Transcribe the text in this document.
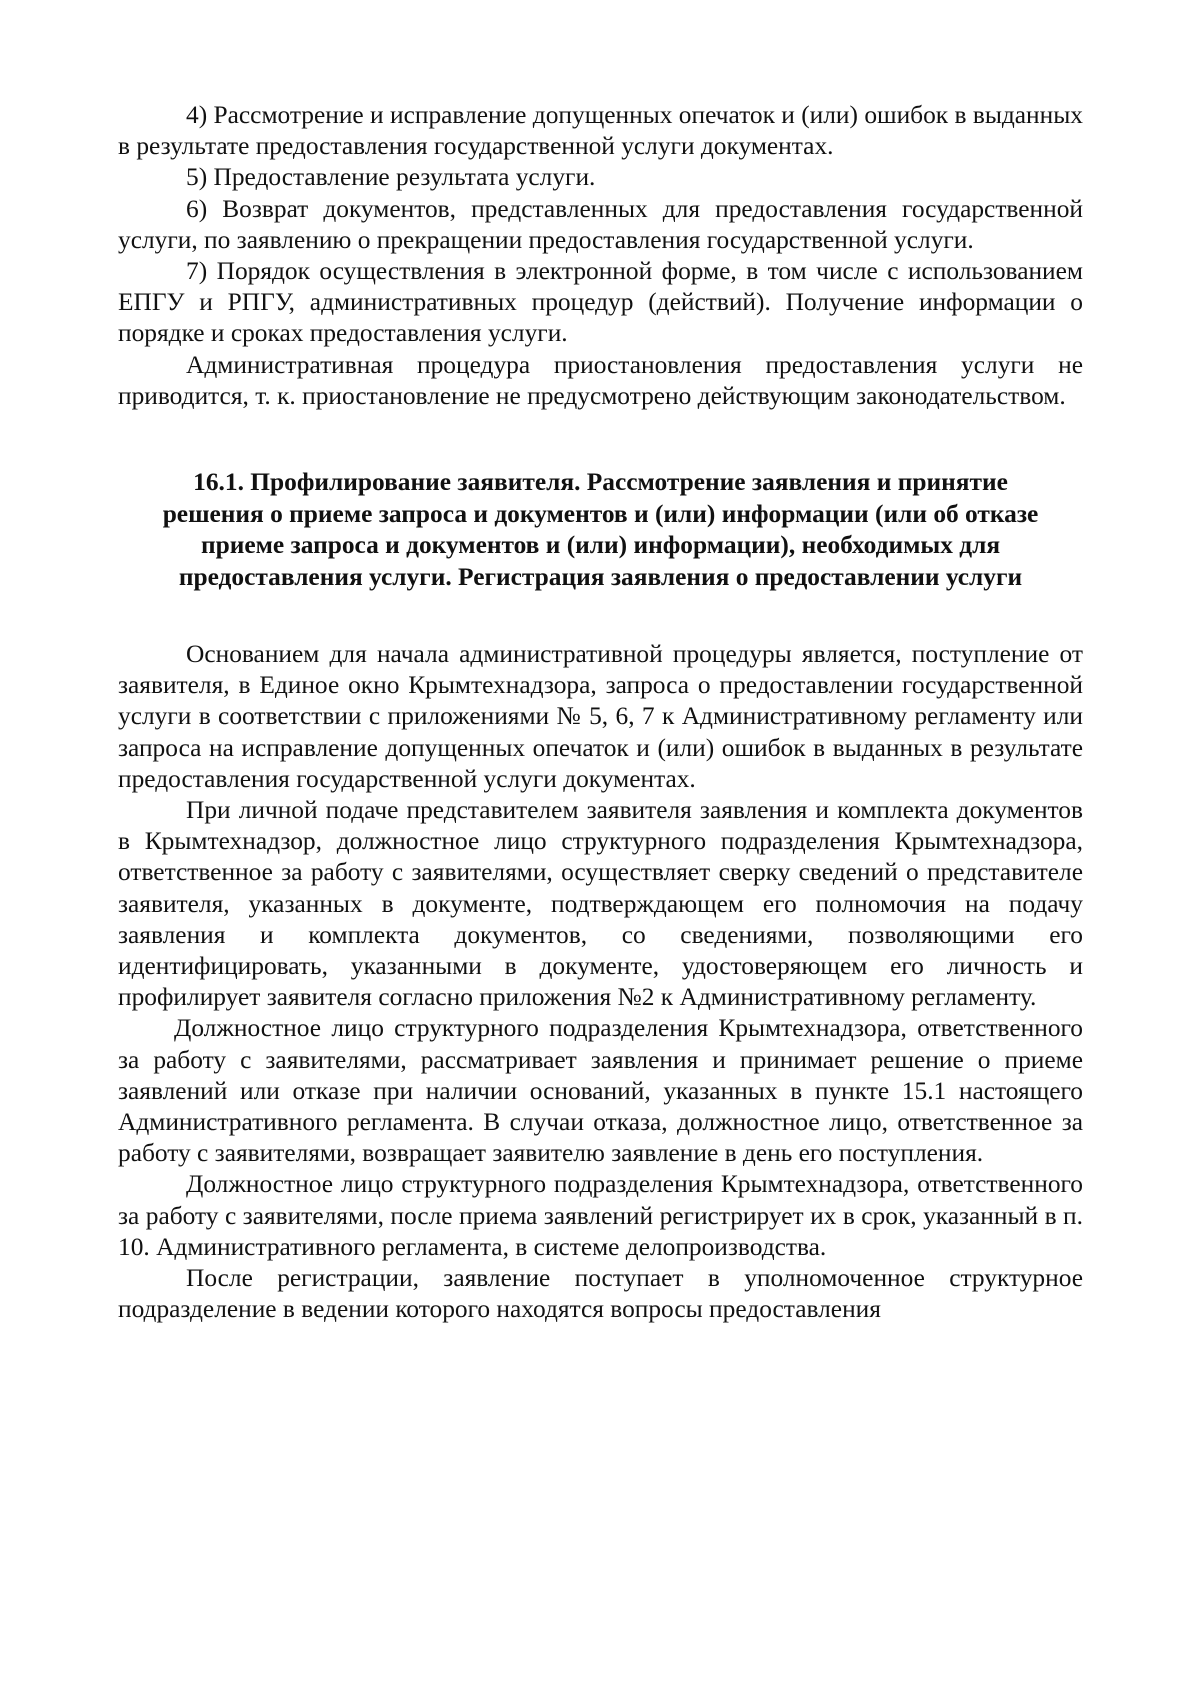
4) Рассмотрение и исправление допущенных опечаток и (или) ошибок в выданных в результате предоставления государственной услуги документах.

5) Предоставление результата услуги.

6) Возврат документов, представленных для предоставления государственной услуги, по заявлению о прекращении предоставления государственной услуги.

7) Порядок осуществления в электронной форме, в том числе с использованием ЕПГУ и РПГУ, административных процедур (действий). Получение информации о порядке и сроках предоставления услуги.

Административная процедура приостановления предоставления услуги не приводится, т. к. приостановление не предусмотрено действующим законодательством.

16.1. Профилирование заявителя. Рассмотрение заявления и принятие
решения о приеме запроса и документов и (или) информации (или об отказе
приеме запроса и документов и (или) информации), необходимых для
предоставления услуги. Регистрация заявления о предоставлении услуги

Основанием для начала административной процедуры является, поступление от заявителя, в Единое окно Крымтехнадзора, запроса о предоставлении государственной услуги в соответствии с приложениями № 5, 6, 7 к Административному регламенту или запроса на исправление допущенных опечаток и (или) ошибок в выданных в результате предоставления государственной услуги документах.

При личной подаче представителем заявителя заявления и комплекта документов в Крымтехнадзор, должностное лицо структурного подразделения Крымтехнадзора, ответственное за работу с заявителями, осуществляет сверку сведений о представителе заявителя, указанных в документе, подтверждающем его полномочия на подачу заявления и комплекта документов, со сведениями, позволяющими его идентифицировать, указанными в документе, удостоверяющем его личность и профилирует заявителя согласно приложения №2 к Административному регламенту.

Должностное лицо структурного подразделения Крымтехнадзора, ответственного за работу с заявителями, рассматривает заявления и принимает решение о приеме заявлений или отказе при наличии оснований, указанных в пункте 15.1 настоящего Административного регламента. В случаи отказа, должностное лицо, ответственное за работу с заявителями, возвращает заявителю заявление в день его поступления.

Должностное лицо структурного подразделения Крымтехнадзора, ответственного за работу с заявителями, после приема заявлений регистрирует их в срок, указанный в п. 10. Административного регламента, в системе делопроизводства.

После регистрации, заявление поступает в уполномоченное структурное подразделение в ведении которого находятся вопросы предоставления
